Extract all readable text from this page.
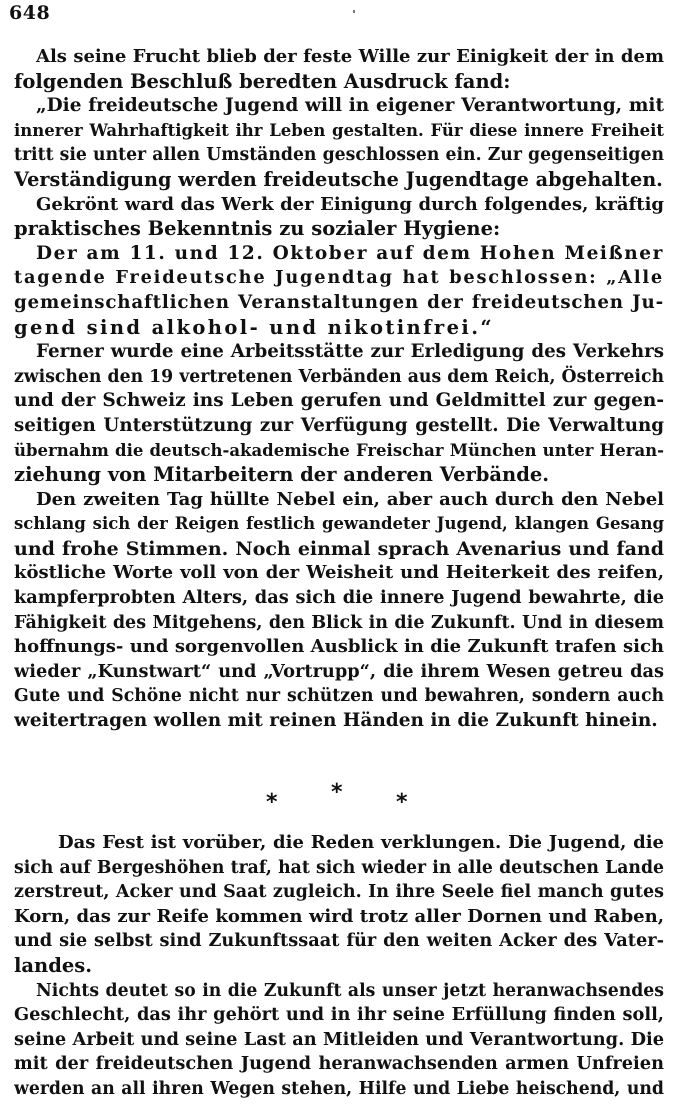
648
Als seine Frucht blieb der feste Wille zur Einigkeit der in dem
folgenden Beschluß beredten Ausdruck fand:
„Die freideutsche Jugend will in eigener Verantwortung, mit
innerer Wahrhaftigkeit ihr Leben gestalten. Für diese innere Freiheit
tritt sie unter allen Umständen geschlossen ein. Zur gegenseitigen
Verständigung werden freideutsche Jugendtage abgehalten.
Gekrönt ward das Werk der Einigung durch folgendes, kräftig
praktisches Bekenntnis zu sozialer Hygiene:
Der am 11. und 12. Oktober auf dem Hohen Meißner
tagende Freideutsche Jugendtag hat beschlossen: „Alle
gemeinschaftlichen Veranstaltungen der freideutschen Ju-
gend sind alkohol- und nikotinfrei.“
Ferner wurde eine Arbeitsstätte zur Erledigung des Verkehrs
zwischen den 19 vertretenen Verbänden aus dem Reich, Österreich
und der Schweiz ins Leben gerufen und Geldmittel zur gegen-
seitigen Unterstützung zur Verfügung gestellt. Die Verwaltung
übernahm die deutsch-akademische Freischar München unter Heran-
ziehung von Mitarbeitern der anderen Verbände.
Den zweiten Tag hüllte Nebel ein, aber auch durch den Nebel
schlang sich der Reigen festlich gewandeter Jugend, klangen Gesang
und frohe Stimmen. Noch einmal sprach Avenarius und fand
köstliche Worte voll von der Weisheit und Heiterkeit des reifen,
kampferprobten Alters, das sich die innere Jugend bewahrte, die
Fähigkeit des Mitgehens, den Blick in die Zukunft. Und in diesem
hoffnungs- und sorgenvollen Ausblick in die Zukunft trafen sich
wieder „Kunstwart“ und „Vortrupp“, die ihrem Wesen getreu das
Gute und Schöne nicht nur schützen und bewahren, sondern auch
weitertragen wollen mit reinen Händen in die Zukunft hinein.
* * *
Das Fest ist vorüber, die Reden verklungen. Die Jugend, die
sich auf Bergeshöhen traf, hat sich wieder in alle deutschen Lande
zerstreut, Acker und Saat zugleich. In ihre Seele fiel manch gutes
Korn, das zur Reife kommen wird trotz aller Dornen und Raben,
und sie selbst sind Zukunftssaat für den weiten Acker des Vater-
landes.
Nichts deutet so in die Zukunft als unser jetzt heranwachsendes
Geschlecht, das ihr gehört und in ihr seine Erfüllung finden soll,
seine Arbeit und seine Last an Mitleiden und Verantwortung. Die
mit der freideutschen Jugend heranwachsenden armen Unfreien
werden an all ihren Wegen stehen, Hilfe und Liebe heischend, und
